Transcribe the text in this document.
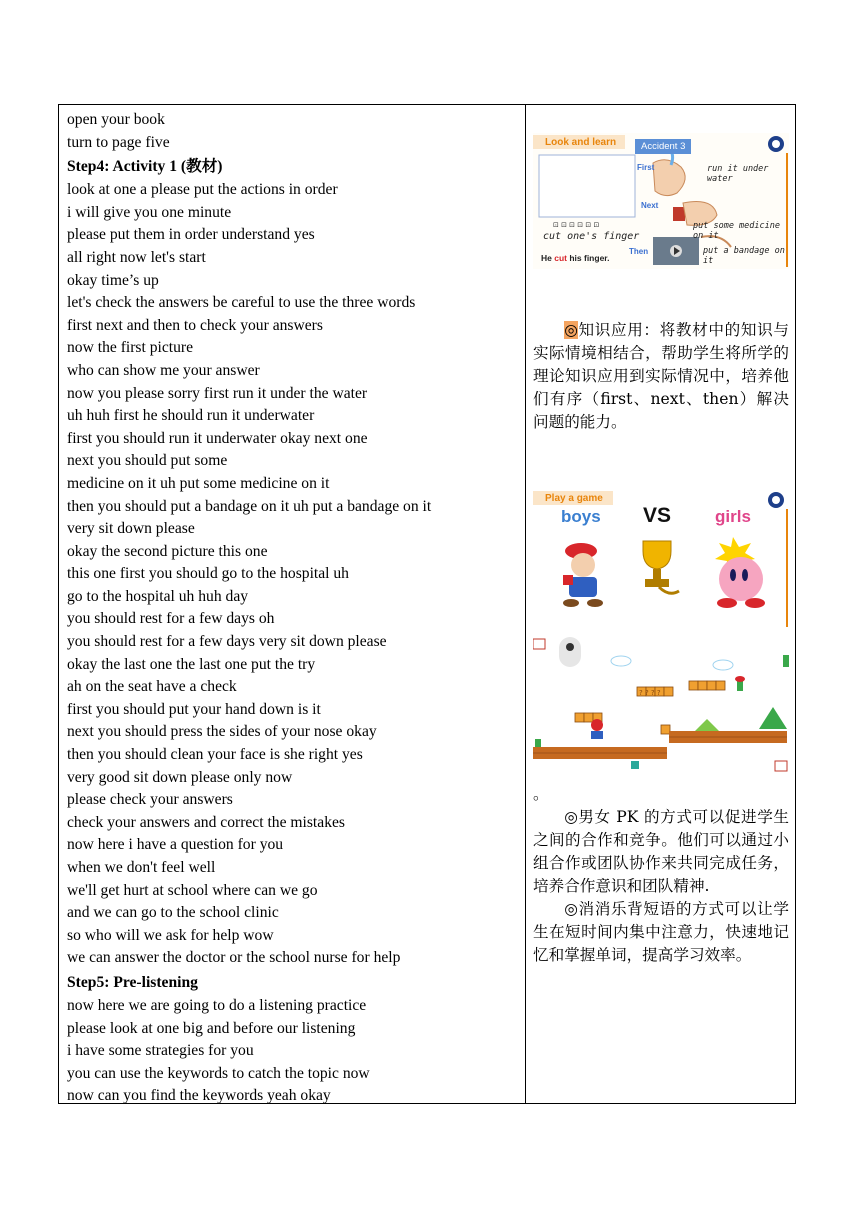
open your book
turn to page five
Step4: Activity 1 (教材)
look at one a please put the actions in order
i will give you one minute
please put them in order understand yes
all right now let's start
okay time’s up
let's check the answers be careful to use the three words
first next and then to check your answers
now the first picture
who can show me your answer
now you please sorry first run it under the water
uh huh first he should run it underwater
first you should run it underwater okay next one
next you should put some
medicine on it uh put some medicine on it
then you should put a bandage on it uh put a bandage on it
very sit down please
okay the second picture this one
this one first you should go to the hospital uh
go to the hospital uh huh day
you should rest for a few days oh
you should rest for a few days very sit down please
okay the last one the last one put the try
ah on the seat have a check
first you should put your hand down is it
next you should press the sides of your nose okay
then you should clean your face is she right yes
very good sit down please only now
please check your answers
check your answers and correct the mistakes
now here i have a question for you
when we don't feel well
we'll get hurt at school where can we go
and we can go to the school clinic
so who will we ask for help wow
we can answer the doctor or the school nurse for help
Step5: Pre-listening
now here we are going to do a listening practice
please look at one big and before our listening
i have some strategies for you
you can use the keywords to catch the topic now
now can you find the keywords yeah okay
⊡ ⊡ ⊡ ⊡ ⊡ ⊡
Look and learn	Accident 3
First
Next
Then
run it under water
put some medicine on it
put a bandage on it
cut one's finger
He cut his finger.

◎知识应用：将教材中的知识与实际情境相结合，帮助学生将所学的理论知识应用到实际情况中，培养他们有序（first、next、then）解决问题的能力。

Play a game
boys VS	girls
? ? ? ?
。

◎男女 PK 的方式可以促进学生之间的合作和竞争。他们可以通过小组合作或团队协作来共同完成任务，培养合作意识和团队精神.

◎消消乐背短语的方式可以让学生在短时间内集中注意力，快速地记忆和掌握单词，提高学习效率。
